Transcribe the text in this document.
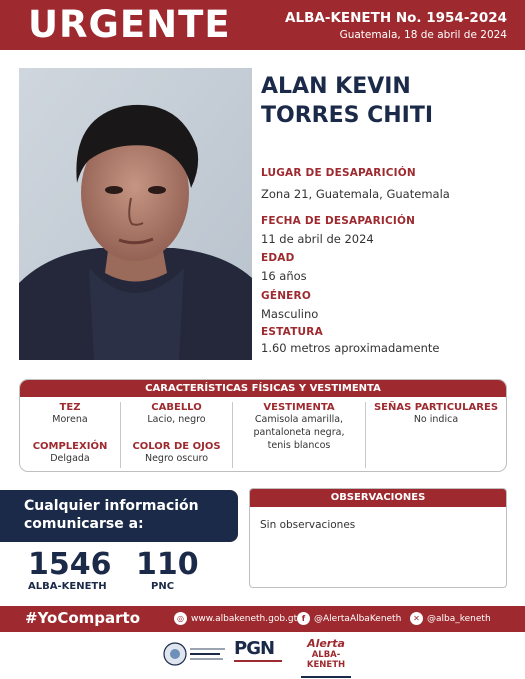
URGENTE	ALBA-KENETH No. 1954-2024
Guatemala, 18 de abril de 2024
ALAN KEVIN
TORRES CHITI
LUGAR DE DESAPARICIÓN
Zona 21, Guatemala, Guatemala
FECHA DE DESAPARICIÓN
11 de abril de 2024
EDAD
16 años
GÉNERO
Masculino
ESTATURA
1.60 metros aproximadamente
CARACTERÍSTICAS FÍSICAS Y VESTIMENTA
TEZ
Morena
COMPLEXIÓN
Delgada
CABELLO
Lacio, negro
COLOR DE OJOS
Negro oscuro
VESTIMENTA
Camisola amarilla,
pantaloneta negra,
tenis blancos
SEÑAS PARTICULARES
No indica
Cualquier información
comunicarse a:
1546
ALBA-KENETH
110
PNC
OBSERVACIONES
Sin observaciones
#YoComparto	◎ www.albakeneth.gob.gt f @AlertaAlbaKeneth	✕ @alba_keneth
PGN	Alerta
ALBA-KENETH
